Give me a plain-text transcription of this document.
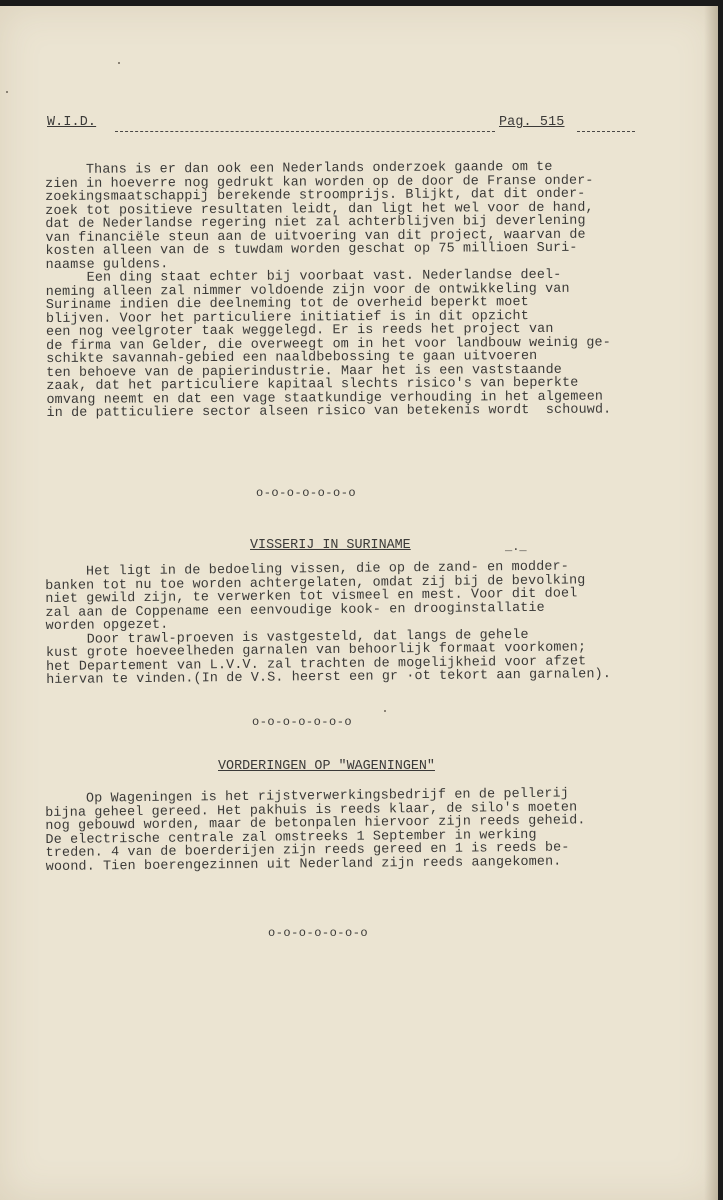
W.I.D.

	Pag. 515

Thans is er dan ook een Nederlands onderzoek gaande om te
zien in hoeverre nog gedrukt kan worden op de door de Franse onder-
zoekingsmaatschappij berekende stroomprijs. Blijkt, dat dit onder-
zoek tot positieve resultaten leidt, dan ligt het wel voor de hand,
dat de Nederlandse regering niet zal achterblijven bij deverlening
van financiële steun aan de uitvoering van dit project, waarvan de
kosten alleen van de s tuwdam worden geschat op 75 millioen Suri-
naamse guldens.
Een ding staat echter bij voorbaat vast. Nederlandse deel-
neming alleen zal nimmer voldoende zijn voor de ontwikkeling van
Suriname indien die deelneming tot de overheid beperkt moet
blijven. Voor het particuliere initiatief is in dit opzicht
een nog veelgroter taak weggelegd. Er is reeds het project van
de firma van Gelder, die overweegt om in het voor landbouw weinig ge-
schikte savannah-gebied een naaldbebossing te gaan uitvoeren
ten behoeve van de papierindustrie. Maar het is een vaststaande
zaak, dat het particuliere kapitaal slechts risico's van beperkte
omvang neemt en dat een vage staatkundige verhouding in het algemeen
in de patticuliere sector alseen risico van betekenis wordt  schouwd.
o-o-o-o-o-o-o
VISSERIJ IN SURINAME	_._
Het ligt in de bedoeling vissen, die op de zand- en modder-
banken tot nu toe worden achtergelaten, omdat zij bij de bevolking
niet gewild zijn, te verwerken tot vismeel en mest. Voor dit doel
zal aan de Coppename een eenvoudige kook- en drooginstallatie
worden opgezet.
Door trawl-proeven is vastgesteld, dat langs de gehele
kust grote hoeveelheden garnalen van behoorlijk formaat voorkomen;
het Departement van L.V.V. zal trachten de mogelijkheid voor afzet
hiervan te vinden.(In de V.S. heerst een gr ·ot tekort aan garnalen).
o-o-o-o-o-o-o
VORDERINGEN OP "WAGENINGEN"
Op Wageningen is het rijstverwerkingsbedrijf en de pellerij
bijna geheel gereed. Het pakhuis is reeds klaar, de silo's moeten
nog gebouwd worden, maar de betonpalen hiervoor zijn reeds geheid.
De electrische centrale zal omstreeks 1 September in werking
treden. 4 van de boerderijen zijn reeds gereed en 1 is reeds be-
woond. Tien boerengezinnen uit Nederland zijn reeds aangekomen.
o-o-o-o-o-o-o
